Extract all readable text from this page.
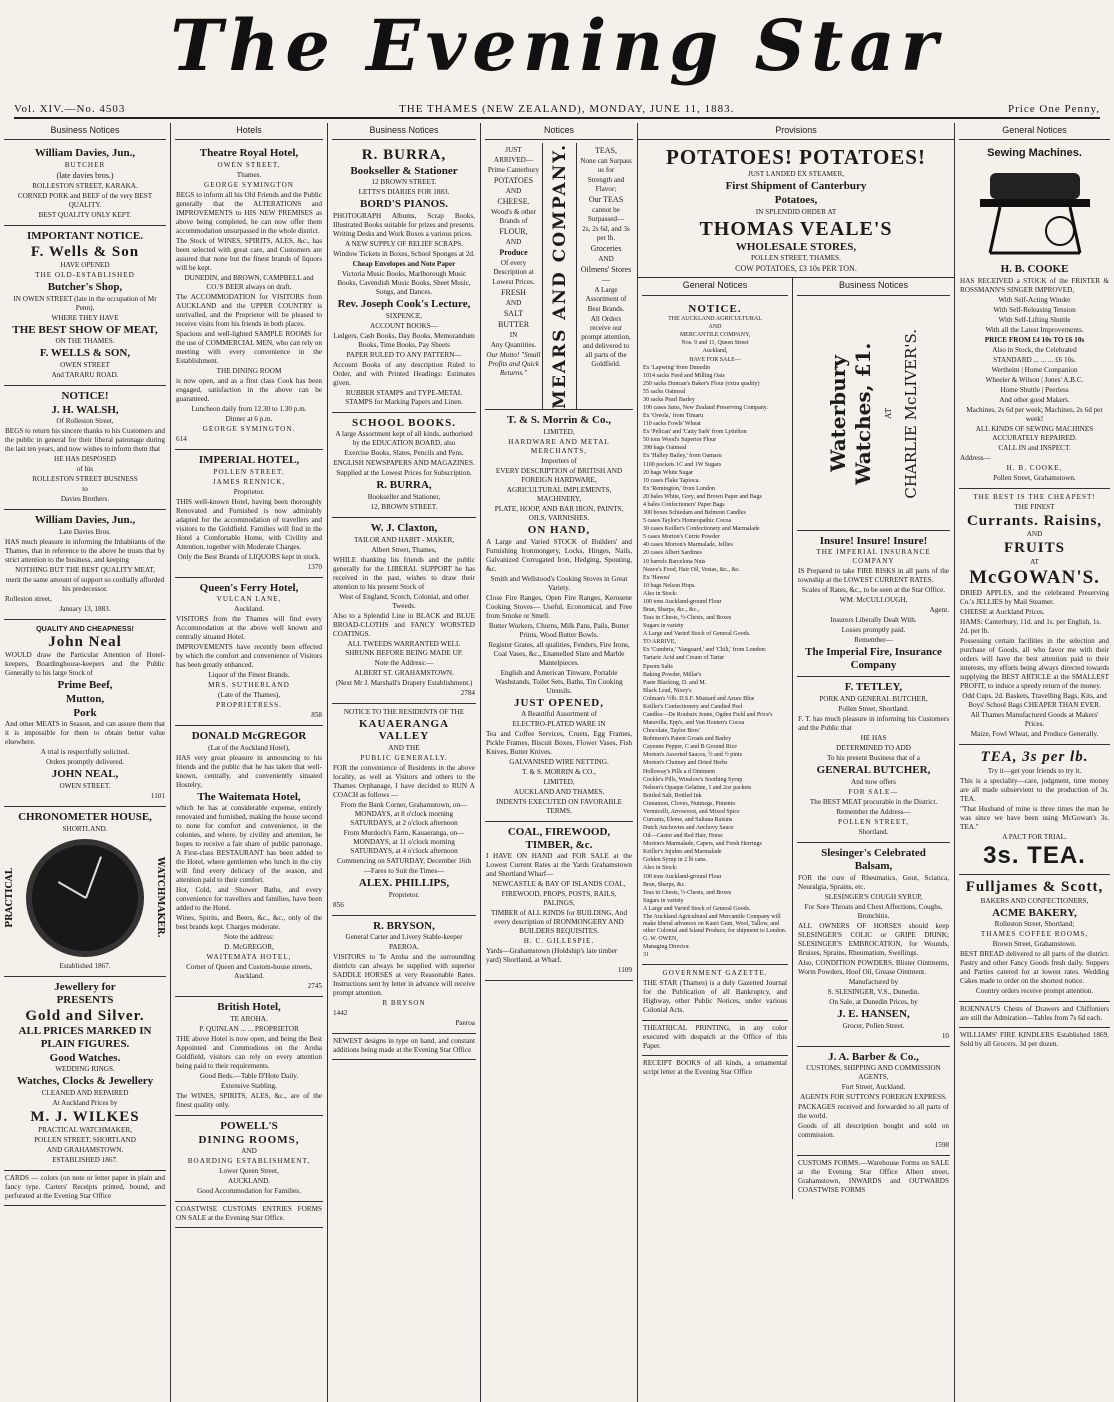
The Evening Star
Vol. XIV.—No. 4503	THE THAMES (NEW ZEALAND), MONDAY, JUNE 11, 1883.	Price One Penny,
Business Notices

William Davies, Jun.,

BUTCHER

(late davies bros.)

ROLLESTON STREET, KARAKA.

CORNED PORK and BEEF of the very BEST QUALITY.

BEST QUALITY ONLY KEPT.

IMPORTANT NOTICE.

F. Wells & Son

HAVE OPENED

THE OLD-ESTABLISHED

Butcher's Shop,

IN OWEN STREET (late in the occupation of Mr Penn),

WHERE THEY HAVE

THE BEST SHOW OF MEAT,

ON THE THAMES.

F. WELLS & SON,

OWEN STREET

And TARARU ROAD.

NOTICE!

J. H. WALSH,

Of Rolleston Street,

BEGS to return his sincere thanks to his Customers and the public in general for their liberal patronage during the last ten years, and now wishes to inform them that

HE HAS DISPOSED

of his

ROLLESTON STREET BUSINESS

to

Davies Brothers.

William Davies, Jun.,

Late Davies Bros.

HAS much pleasure in informing the Inhabitants of the Thames, that in reference to the above he trusts that by strict attention to the business, and keeping

NOTHING BUT THE BEST QUALITY MEAT,

merit the same amount of support so cordially afforded his predecessor.

Rolleston street,

January 13, 1883.

QUALITY AND CHEAPNESS!

John Neal

WOULD draw the Particular Attention of Hotel-keepers, Boardinghouse-keepers and the Public Generally to his large Stock of

Prime Beef,

Mutton,

Pork

And other MEATS in Season, and can assure them that it is impossible for them to obtain better value elsewhere.

A trial is respectfully solicited.

Orders promptly delivered.

JOHN NEAL,

OWEN STREET.

1101

CHRONOMETER HOUSE,

SHORTLAND.

PRACTICAL	WATCHMAKER.

Established 1867.

Jewellery for

PRESENTS

Gold and Silver.

ALL PRICES MARKED IN PLAIN FIGURES.

Good Watches.

WEDDING RINGS.

Watches, Clocks & Jewellery

CLEANED AND REPAIRED

At Auckland Prices by

M. J. WILKES

PRACTICAL WATCHMAKER,

POLLEN STREET, SHORTLAND

AND GRAHAMSTOWN.

ESTABLISHED 1867.

CARDS — colors (on note or letter paper in plain and fancy type. Carters' Receipts printed, bound, and perforated at the Evening Star Office
Hotels

Theatre Royal Hotel,

OWEN STREET,

Thames.

GEORGE SYMINGTON

BEGS to inform all his Old Friends and the Public generally that the ALTERATIONS and IMPROVEMENTS to HIS NEW PREMISES as above being completed, he can now offer them accommodation unsurpassed in the whole district.

The Stock of WINES, SPIRITS, ALES, &c., has been selected with great care, and Customers are assured that none but the finest brands of liquors will be kept.

DUNEDIN, and BROWN, CAMPBELL and CO.'S BEER always on draft.

The ACCOMMODATION for VISITORS from AUCKLAND and the UPPER COUNTRY is unrivalled, and the Proprietor will be pleased to receive visits from his friends in both places.

Spacious and well-lighted SAMPLE ROOMS for the use of COMMERCIAL MEN, who can rely on meeting with every convenience in the Establishment.

THE DINING ROOM

is now open, and as a first class Cook has been engaged, satisfaction in the above can be guaranteed.

Luncheon daily from 12.30 to 1.30 p.m.

Dinner at 6 p.m.

GEORGE SYMINGTON.

614

IMPERIAL HOTEL,

POLLEN STREET.

JAMES RENNICK,

Proprietor.

THIS well-known Hotel, having been thoroughly Renovated and Furnished is now admirably adapted for the accommodation of travellers and visitors to the Goldfield. Families will find in the Hotel a Comfortable Home, with Civility and Attention, together with Moderate Charges.

Only the Best Brands of LIQUORS kept in stock.

1370

Queen's Ferry Hotel,

VULCAN LANE,

Auckland.

VISITORS from the Thames will find every Accommodation at the above well known and centrally situated Hotel.

IMPROVEMENTS have recently been effected by which the comfort and convenience of Visitors has been greatly enhanced.

Liquor of the Finest Brands.

MRS. SUTHERLAND

(Late of the Thames),

PROPRIETRESS.

858

DONALD McGREGOR

(Lat of the Auckland Hotel),

HAS very great pleasure in announcing to his friends and the public that he has taken that well-known, centrally, and conveniently situated Hostelry,

The Waitemata Hotel,

which he has at considerable expense, entirely renovated and furnished, making the house second to none for comfort and convenience, in the colonies, and where, by civility and attention, he hopes to receive a fair share of public patronage. A First-class RESTAURANT has been added to the Hotel, where gentlemen who lunch in the city will find every delicacy of the season, and attention paid to their comfort.

Hot, Cold, and Shower Baths, and every convenience for travellers and families, have been added to the Hotel.

Wines, Spirits, and Beers, &c., &c., only of the best brands kept. Charges moderate.

Note the address:

D. McGREGOR,

WAITEMATA HOTEL,

Corner of Queen and Custom-house streets, Auckland.

2745

British Hotel,

TE AROHA.

P. QUINLAN ... ... PROPRIETOR

THE above Hotel is now open, and being the Best Appointed and Commodious on the Aroha Goldfield, visitors can rely on every attention being paid to their requirements.

Good Beds.—Table D'Hote Daily.

Extensive Stabling.

The WINES, SPIRITS, ALES, &c., are of the finest quality only.

POWELL'S

DINING ROOMS,

AND

BOARDING ESTABLISHMENT,

Lower Queen Street,

AUCKLAND.

Good Accommodation for Families.

COASTWISE CUSTOMS ENTRIES FORMS ON SALE at the Evening Star Office.
Business Notices

R. BURRA,

Bookseller & Stationer

12 BROWN STREET.

LETTS'S DIARIES FOR 1883.

BORD'S PIANOS.

PHOTOGRAPH Albums, Scrap Books, Illustrated Books suitable for prizes and presents. Writing Desks and Work Boxes a various prices.

A NEW SUPPLY OF RELIEF SCRAPS.

Window Tickets in Boxes, School Sponges at 2d.

Cheap Envelopes and Note Paper

Victoria Music Books, Marlborough Music Books, Cavendish Music Books, Sheet Music, Songs, and Dances.

Rev. Joseph Cook's Lecture,

SIXPENCE,

ACCOUNT BOOKS—

Ledgers, Cash Books, Day Books, Memorandum Books, Time Books, Pay Sheets

PAPER RULED TO ANY PATTERN—

Account Books of any description Ruled to Order, and with Printed Headings: Estimates given.

RUBBER STAMPS and TYPE-METAL STAMPS for Marking Papers and Linen.

SCHOOL BOOKS.

A large Assortment kept of all kinds, authorised by the EDUCATION BOARD, also

Exercise Books, Slates, Pencils and Pens.

ENGLISH NEWSPAPERS AND MAGAZINES.

Supplied at the Lowest Prices for Subscription.

R. BURRA,

Bookseller and Stationer,

12, BROWN STREET.

W. J. Claxton,

TAILOR AND HABIT - MAKER,

Albert Street, Thames,

WHILE thanking his friends and the public generally for the LIBERAL SUPPORT he has received in the past, wishes to draw their attention to his present Stock of

West of England, Scotch, Colonial, and other Tweeds.

Also to a Splendid Line in BLACK and BLUE BROAD-CLOTHS and FANCY WORSTED COATINGS.

ALL TWEEDS WARRANTED WELL SHRUNK BEFORE BEING MADE UP.

Note the Address:—

ALBERT ST. GRAHAMSTOWN.

(Next Mr J. Marshall's Drapery Establishment.)

2784

NOTICE TO THE RESIDENTS OF THE

KAUAERANGA VALLEY

AND THE

PUBLIC GENERALLY.

FOR the convenience of Residents in the above locality, as well as Visitors and others to the Thames Orphanage, I have decided to RUN A COACH as follows —

From the Bank Corner, Grahamstown, on— MONDAYS, at 8 o'clock morning SATURDAYS, at 2 o'clock afternoon

From Murdoch's Farm, Kauaeranga, on— MONDAYS, at 11 o'clock morning SATURDAYS, at 4 o'clock afternoon

Commencing on SATURDAY, December 16th

—Fares to Suit the Times—

ALEX. PHILLIPS,

Proprietor.

856

R. BRYSON,

General Carter and Livery Stable-keeper

PAEROA.

VISITORS to Te Aroha and the surrounding districts can always be supplied with superior SADDLE HORSES at very Reasonable Rates. Instructions sent by letter in advance will receive prompt attention.

R BRYSON

1442

Paeroa

NEWEST designs in type on hand, and constant additions being made at the Evening Star Office
Notices

JUST

ARRIVED—

Prime Canterbury

POTATOES

AND

CHEESE.

Wood's & other Brands of

FLOUR,

AND

Produce

Of every Description at

Lowest Prices.

FRESH

AND

SALT

BUTTER

IN

Any Quantities.

Our Motto! "Small Profits and Quick Returns."	MEARS AND COMPANY.	TEAS,

None can Surpass us for

Strength and Flavor;

Our TEAS

cannot be Surpassed—

2s, 2s 6d, and 3s per lb.

Groceries

AND

Oilmens' Stores—

A Large Assortment of

Best Brands.

All Orders receive our prompt attention, and delivered to all parts of the Goldfield.

T. & S. Morrin & Co.,

LIMITED,

HARDWARE AND METAL MERCHANTS,

Importers of

EVERY DESCRIPTION of BRITISH AND FOREIGN HARDWARE,

AGRICULTURAL IMPLEMENTS, MACHINERY,

PLATE, HOOP, AND BAR IRON, PAINTS, OILS, VARNISHES.

ON HAND,

A Large and Varied STOCK of Builders' and Furnishing Ironmongery, Locks, Hinges, Nails, Galvanized Corrugated Iron, Hedging, Spouting, &c.

Smith and Wellstood's Cooking Stoves in Great Variety.

Close Fire Ranges, Open Fire Ranges, Kerosene Cooking Stoves— Useful, Economical, and Free from Smoke or Smell.

Butter Workers, Churns, Milk Pans, Pails, Butter Prints, Wood Butter Bowls.

Register Grates, all qualities, Fenders, Fire Irons, Coal Vases, &c., Enamelled Slate and Marble Mantelpieces.

English and American Tinware, Portable Washstands, Toilet Sets, Baths, Tin Cooking Utensils.

JUST OPENED,

A Beautiful Assortment of

ELECTRO-PLATED WARE IN

Tea and Coffee Services, Cruets, Egg Frames, Pickle Frames, Biscuit Boxes, Flower Vases, Fish Knives, Butter Knives.

GALVANISED WIRE NETTING.

T. & S. MORRIN & CO.,

LIMITED,

AUCKLAND AND THAMES.

INDENTS EXECUTED ON FAVORABLE TERMS.

COAL, FIREWOOD, TIMBER, &c.

I HAVE ON HAND and FOR SALE at the Lowest Current Rates at the Yards Grahamstown and Shortland Wharf—

NEWCASTLE & BAY OF ISLANDS COAL,

FIREWOOD, PROPS, POSTS, RAILS, PALINGS,

TIMBER of ALL KINDS for BUILDING, And every description of IRONMONGERY AND BUILDERS REQUISITES.

H. C. GILLESPIE.

Yards—Grahamstown (Holdship's late timber yard) Shortland, at Wharf.

1109

Provisions

POTATOES! POTATOES!

JUST LANDED EX STEAMER,

First Shipment of Canterbury

Potatoes,

IN SPLENDID ORDER AT

THOMAS VEALE'S

WHOLESALE STORES,

POLLEN STREET, THAMES.

COW POTATOES, £3 10s PER TON.

General Notices

NOTICE.

THE AUCKLAND AGRICULTURAL

AND

MERCANTILE COMPANY,

Nos. 9 and 11, Queen Street

Auckland,

HAVE FOR SALE—

Ex 'Lapwing' from Dunedin

1014 sacks Feed and Milling Oats

250 sacks Duncan's Baker's Flour (extra quality)

55 sacks Oatmeal

30 sacks Pearl Barley

100 cases Jams, New Zealand Preserving Company.

Ex 'Oreola,' from Timaru

110 sacks Fowls' Wheat

Ex 'Pelican' and 'Catty Sark' from Lyttelton

50 tons Wood's Superior Flour

398 bags Oatmeal

Ex 'Halley Bailey,' from Oamaru

1100 pockets 1C and 1W Sugars

20 bags White Sugar

10 cases Flake Tapioca.

Ex 'Remington,' from London

20 bales White, Grey, and Brown Paper and Bags

4 bales Confectioners' Paper Bags

300 boxes Schiedam and Belmont Candles

5 cases Taylor's Homeopathic Cocoa

30 cases Keiller's Confectionery and Marmalade

5 cases Morton's Currie Powder

40 cases Morton's Marmalade, Jellies

20 cases Albert Sardines

10 barrels Barcelona Nuts

Neave's Food, Hair Oil, Vestas, &c., &c.

Ex 'Hawea'

10 bags Nelson Hops.

Also in Stock:

100 tons Auckland-ground Flour

Bran, Sharps, &c., &c.,

Teas in Chests, ½-Chests, and Boxes

Sugars in variety

A Large and Varied Stock of General Goods.

TO ARRIVE,

Ex 'Cumbria,' 'Vanguard,' and 'Chili,' from London:

Tartaric Acid and Cream of Tartar

Epsom Salts

Baking Powder, Millar's

Paste Blacking, D. and M.

Black Lead, Nixey's

Colman's ½lb. D.S.F. Mustard and Azure Blue

Keiller's Confectionery and Candied Peel

Candles—De Roubaix Jeune, Ogden Field and Price's

Maravilla, Epp's, and Van Houten's Cocoa

Chocolate, Taylor Bros'

Robinson's Patent Groats and Barley

Cayenne Pepper, C and B Ground Rice

Morton's Assorted Sauces, ½ and ½ pints

Morton's Chutney and Dried Herbs

Holloway's Pills a d Ointment

Cockle's Pills, Winslow's Soothing Syrup

Nelson's Opaque Gelatine, 1 and 2oz packets

Bottled Salt, Bottled Ink

Cinnamon, Cloves, Nutmegs, Pimento

Vermicelli, Arrowroot, and Mixed Spice

Currants, Eleme, and Sultana Raisins

Dutch Anchovies and Anchovy Sauce

Oil—Castor and Red Hair, Horse

Morton's Marmalade, Capers, and Fresh Herrings

Keiller's Jujubes and Marmalade

Golden Syrup in 2 lb cans.

Also in Stock:

100 tons Auckland-ground Flour

Bran, Sharps, &c.

Teas in Chests, ½-Chests, and Boxes

Sugars in variety

A Large and Varied Stock of General Goods.

The Auckland Agricultural and Mercantile Company will make liberal advances on Kauri Gum, Wool, Tallow, and other Colonial and Island Produce, for shipment to London.

G. W. OWEN,

Managing Director.

31

GOVERNMENT GAZETTE.

THE STAR (Thames) is a duly Gazetted Journal for the Publication of all Bankruptcy, and Highway, other Public Notices, under various Colonial Acts.

THEATRICAL PRINTING, in any color executed with despatch at the Office of this Paper.
RECEIPT BOOKS of all kinds, a ornamental script letter at the Evening Star Office
Business Notices
Waterbury Watches, £1. AT CHARLIE McLIVER'S.

Insure! Insure! Insure!

THE IMPERIAL INSURANCE COMPANY

IS Prepared to take FIRE RISKS in all parts of the township at the LOWEST CURRENT RATES.

Scales of Rates, &c., to be seen at the Star Office.

WM. McCULLOUGH,

Agent.

Insurers Liberally Dealt With.

Losses promptly paid.

Remember—

The Imperial Fire, Insurance Company

F. TETLEY,

PORK AND GENERAL BUTCHER,

Pollen Street, Shortland.

F. T. has much pleasure in informing his Customers and the Public that

HE HAS

DETERMINED TO ADD

To his present Business that of a

GENERAL BUTCHER,

And now offers

FOR SALE—

The BEST MEAT procurable in the District.

Remember the Address—

POLLEN STREET,

Shortland.

Slesinger's Celebrated

Balsam,

FOR the cure of Rheumatics, Gout, Sciatica, Neuralgia, Sprains, etc.

SLESINGER'S COUGH SYRUP,

For Sore Throats and Chest Affections, Coughs, Bronchitis.

ALL OWNERS OF HORSES should keep SLESINGER'S COLIC or GRIPE DRINK; SLESINGER'S EMBROCATION, for Wounds, Bruises, Sprains, Rheumatism, Swellings.

Also, CONDITION POWDERS, Blister Ointments, Worm Powders, Hoof Oil, Grease Ointment.

Manufactured by

S. SLESINGER, V.S., Dunedin.

On Sale, at Dunedin Prices, by

J. E. HANSEN,

Grocer, Pollen Street.

10

J. A. Barber & Co.,

CUSTOMS, SHIPPING AND COMMISSION AGENTS,

Fort Street, Auckland.

AGENTS FOR SUTTON'S FOREIGN EXPRESS.

PACKAGES received and forwarded to all parts of the world.

Goods of all description bought and sold on commission.

1598

CUSTOMS FORMS.—Warehouse Forms on SALE at the Evening Star Office Albert street, Grahamstown, INWARDS and OUTWARDS COASTWISE FORMS
General Notices

Sewing Machines.

H. B. COOKE

HAS RECEIVED a STOCK of the FRISTER & ROSSMANN'S SINGER IMPROVED,

With Self-Acting Winder

With Self-Releasing Tension

With Self-Lifting Shuttle

With all the Latest Improvements.

PRICE FROM £4 10s TO £6 10s

Also in Stock, the Celebrated

STANDARD ... ... ... £6 10s.

Wertheim | Home Companion

Wheeler & Wilson | Jones' A.B.C.

Home Shuttle | Peerless

And other good Makers.

Machines, 2s 6d per week; Machines, 2s 6d per week!

ALL KINDS OF SEWING MACHINES ACCURATELY REPAIRED.

CALL IN and INSPECT.

Address—

H. B. COOKE,

Pollen Street, Grahamstown.

THE BEST IS THE CHEAPEST!

THE FINEST

Currants. Raisins,

AND

FRUITS

AT

McGOWAN'S.

DRIED APPLES, and the celebrated Preserving Co.'s JELLIES by Mail Steamer.

CHEESE at Auckland Prices.

HAMS: Canterbury, 11d. and 1s. per English, 1s. 2d. per lb.

Possessing certain facilities in the selection and purchase of Goods, all who favor me with their orders will have the best attention paid to their interests, my efforts being always directed towards supplying the BEST ARTICLE at the SMALLEST PROFIT, to induce a speedy return of the money.

Odd Cups, 2d. Baskets, Travelling Bags, Kits, and Boys' School Bags CHEAPER THAN EVER.

All Thames Manufactured Goods at Makers' Prices.

Maize, Fowl Wheat, and Produce Generally.

TEA, 3s per lb.

Try it—get your friends to try it.

This is a speciality—care, judgment, time money are all made subservient to the production of 3s. TEA.

"That Husband of mine is three times the man he was since we have been using McGowan's 3s. TEA."

A PACT FOR TRIAL.

3s. TEA.

Fulljames & Scott,

BAKERS AND CONFECTIONERS,

ACME BAKERY,

Rolleston Street, Shortland;

THAMES COFFEE ROOMS,

Brown Street, Grahamstown.

BEST BREAD delivered to all parts of the district. Pastry and other Fancy Goods fresh daily. Suppers and Parties catered for at lowest rates. Wedding Cakes made to order on the shortest notice.

Country orders receive prompt attention.

ROENNAU'S Chests of Drawers and Chiffoniers are still the Admiration—Tables from 7s 6d each.
WILLIAMS' FIRE KINDLERS Established 1869. Sold by all Grocers. 3d per dozen.
